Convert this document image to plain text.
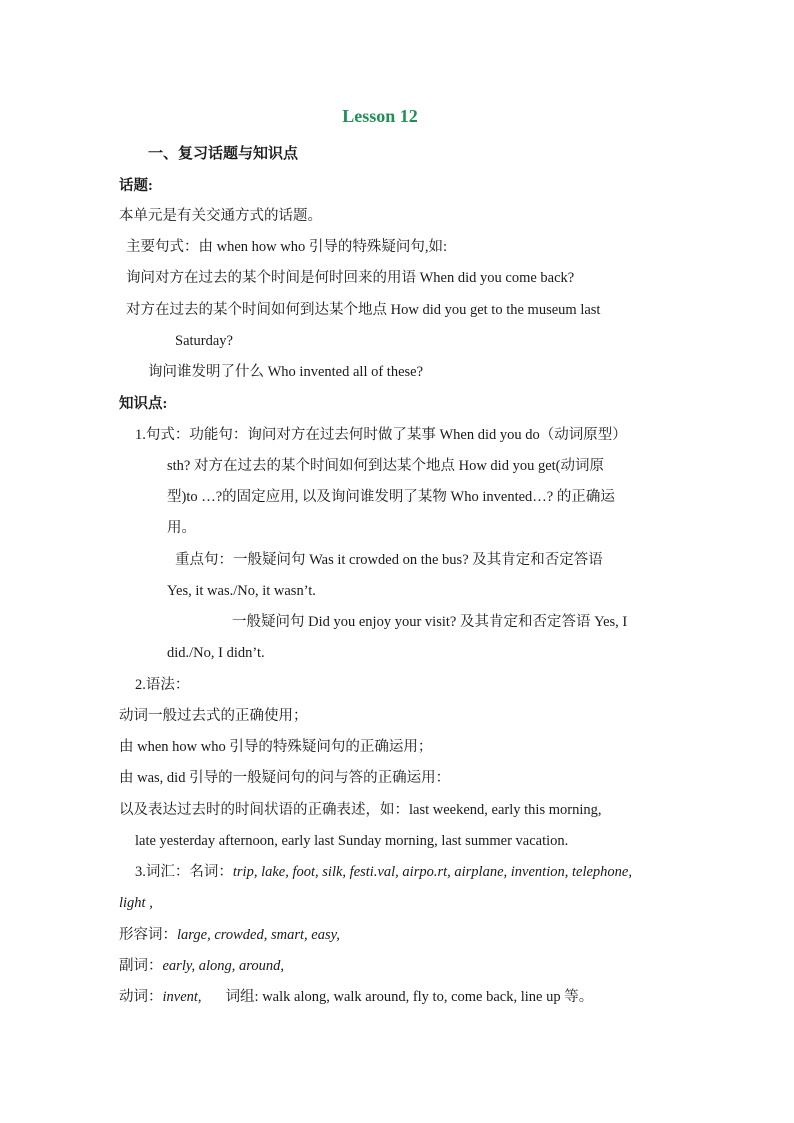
Lesson 12
一、复习话题与知识点
话题:
本单元是有关交通方式的话题。
主要句式：由 when how who 引导的特殊疑问句,如:
询问对方在过去的某个时间是何时回来的用语 When did you come back?
对方在过去的某个时间如何到达某个地点 How did you get to the museum last
Saturday?
询问谁发明了什么 Who invented all of these?
知识点:
1.句式：功能句：询问对方在过去何时做了某事 When did you do（动词原型）
sth? 对方在过去的某个时间如何到达某个地点 How did you get(动词原
型)to …?的固定应用, 以及询问谁发明了某物 Who invented…? 的正确运
用。
重点句：一般疑问句 Was it crowded on the bus? 及其肯定和否定答语
Yes, it was./No, it wasn’t.
一般疑问句 Did you enjoy your visit? 及其肯定和否定答语 Yes, I
did./No, I didn’t.
2.语法：
动词一般过去式的正确使用；
由 when how who 引导的特殊疑问句的正确运用；
由 was, did 引导的一般疑问句的问与答的正确运用：
以及表达过去时的时间状语的正确表述，如：last weekend, early this morning,
late yesterday afternoon, early last Sunday morning, last summer vacation.
3.词汇：名词：trip, lake, foot, silk, festi.val, airpo.rt, airplane, invention, telephone,
light ,
形容词：large, crowded, smart, easy,
副词：early, along, around,
动词：invent, 词组: walk along, walk around, fly to, come back, line up 等。
